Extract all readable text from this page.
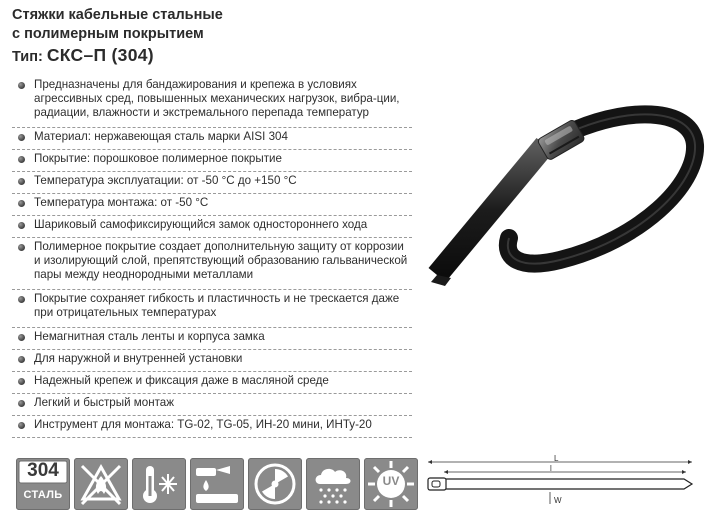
Стяжки кабельные стальные
с полимерным покрытием
Тип: СКС–П (304)
Предназначены для бандажирования и крепежа в условиях агрессивных сред, повышенных механических нагрузок, вибра-ции, радиации, влажности и экстремального перепада температур
Материал: нержавеющая сталь марки AISI 304
Покрытие: порошковое полимерное покрытие
Температура эксплуатации: от -50 °С до +150 °С
Температура монтажа: от -50 °С
Шариковый самофиксирующийся замок одностороннего хода
Полимерное покрытие создает дополнительную защиту от коррозии и изолирующий слой, препятствующий образованию гальванической пары между неоднородными металлами
Покрытие сохраняет гибкость и пластичность и не трескается даже при отрицательных температурах
Немагнитная сталь ленты и корпуса замка
Для наружной и внутренней установки
Надежный крепеж и фиксация даже в масляной среде
Легкий и быстрый монтаж
Инструмент для монтажа: TG-02, TG-05, ИН-20 мини, ИНТу-20
304
СТАЛЬ
UV
L
l
W
